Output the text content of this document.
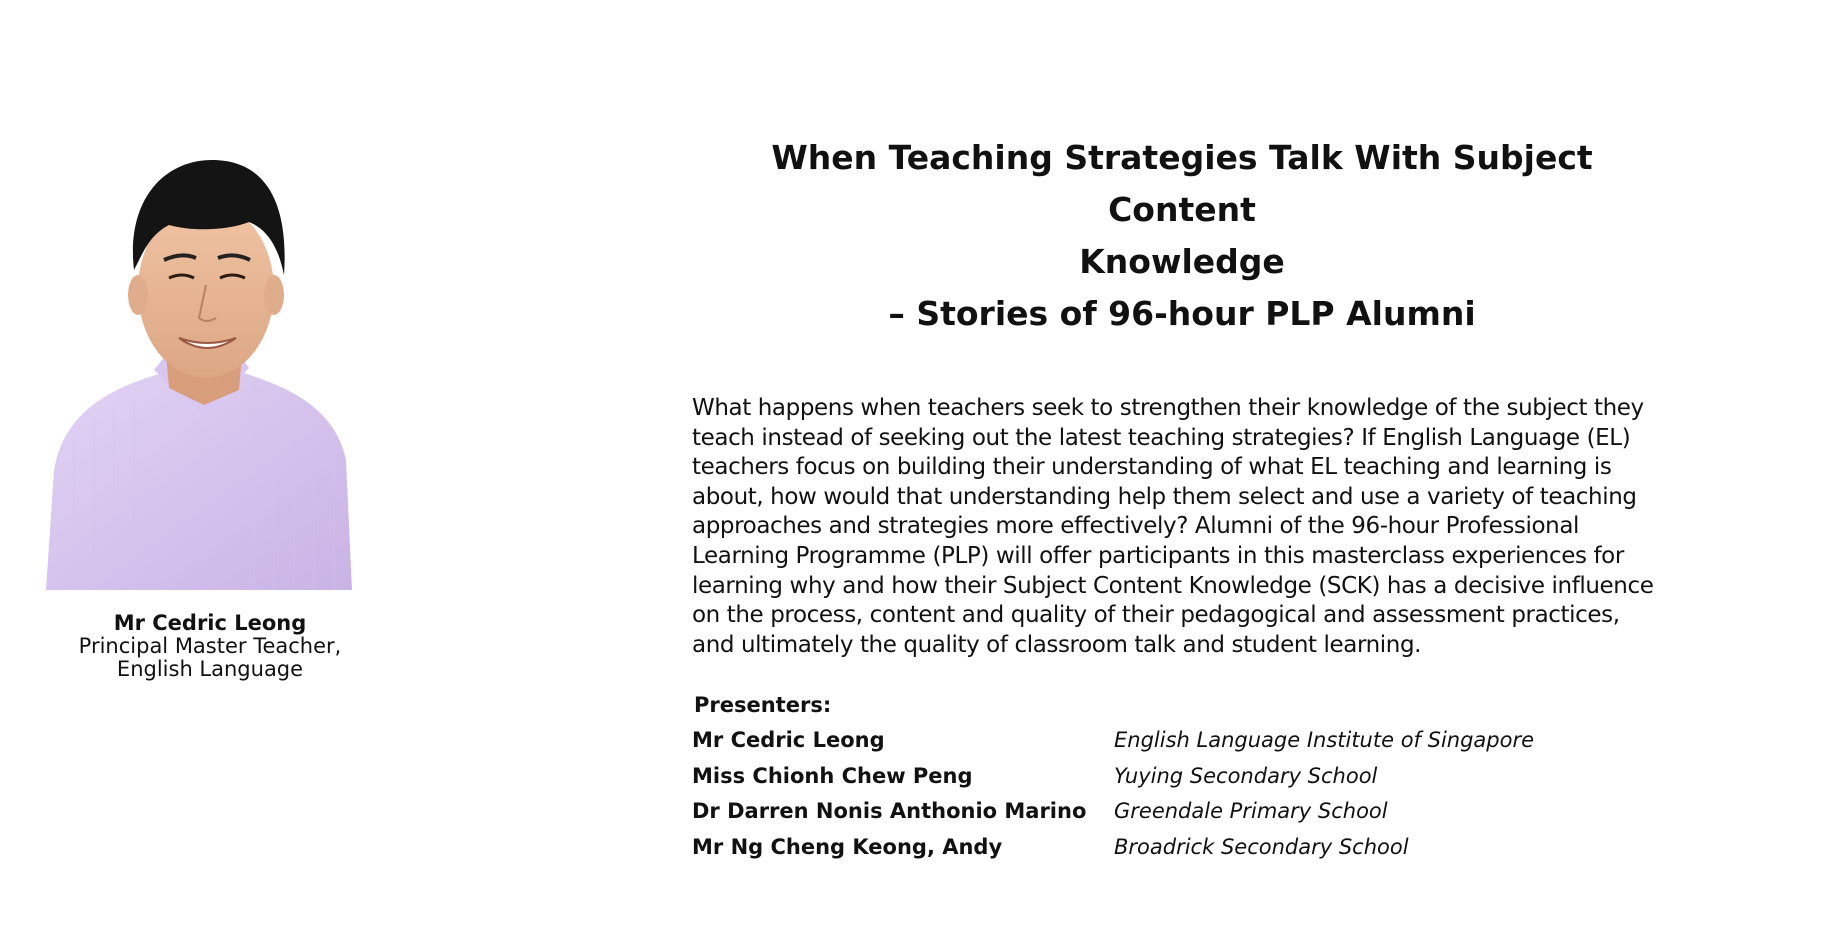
Mr Cedric Leong
Principal Master Teacher,
English Language
When Teaching Strategies Talk With Subject Content
Knowledge
– Stories of 96-hour PLP Alumni

What happens when teachers seek to strengthen their knowledge of the subject they teach instead of seeking out the latest teaching strategies? If English Language (EL) teachers focus on building their understanding of what EL teaching and learning is about, how would that understanding help them select and use a variety of teaching approaches and strategies more effectively? Alumni of the 96-hour Professional Learning Programme (PLP) will offer participants in this masterclass experiences for learning why and how their Subject Content Knowledge (SCK) has a decisive influence on the process, content and quality of their pedagogical and assessment practices, and ultimately the quality of classroom talk and student learning.

Presenters:
Mr Cedric Leong	English Language Institute of Singapore
Miss Chionh Chew Peng	Yuying Secondary School
Dr Darren Nonis Anthonio Marino	Greendale Primary School
Mr Ng Cheng Keong, Andy	Broadrick Secondary School
